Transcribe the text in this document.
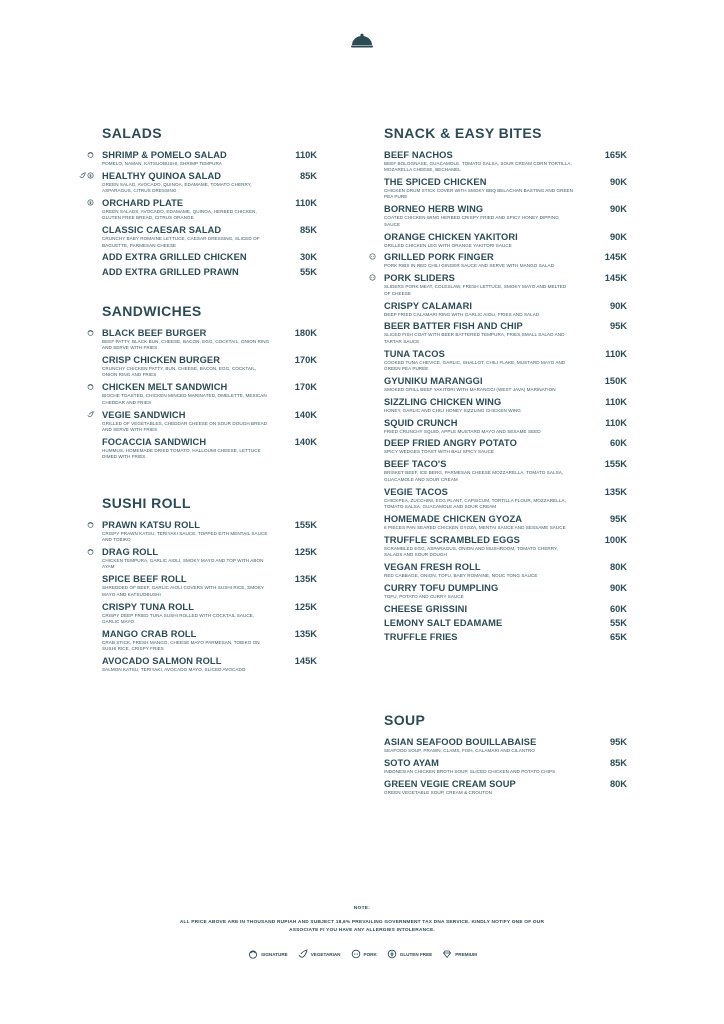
SALADS
SHRIMP & POMELO SALAD	110K
POMELO, NAMAN, KATSUOBUSHI, SHRIMP TEMPURA
HEALTHY QUINOA SALAD	85K
GREEN SALAD, AVOCADO, QUINOA, EDAMAME, TOMATO CHERRY, ASPARAGUS, CITRUS DRESSING
ORCHARD PLATE	110K
GREEN SALADS, AVOCADO, EDAMAME, QUINOA, HERBED CHICKEN, GLUTEN FREE BREAD, CITRUS ORANGE
CLASSIC CAESAR SALAD	85K
CRUNCHY BABY ROMAINE LETTUCE, CAESAR DRESSING, SLICED OF BAGUETTE, PARMESAN CHEESE
ADD EXTRA GRILLED CHICKEN	30K
ADD EXTRA GRILLED PRAWN	55K
SANDWICHES
BLACK BEEF BURGER	180K
BEEF PATTY, BLACK BUN, CHEESE, BACON, EGG, COCKTAIL, ONION RING AND SERVE WITH FRIES
CRISP CHICKEN BURGER	170K
CRUNCHY CHICKEN PATTY, BUN, CHEESE, BACON, EGG, COCKTAIL, ONION RING AND FRIES
CHICKEN MELT SANDWICH	170K
BIOCHE TOASTED, CHICKEN MINCED MARINATED, OMELETTE, MEXICAN CHEDDAR AND FRIES
VEGIE SANDWICH	140K
GRILLED OF VEGETABLES, CHEDDAR CHEESE ON SOUR DOUGH BREAD AND SERVE WITH FRIES
FOCACCIA SANDWICH	140K
HUMMUS, HOMEMADE DRIED TOMATO, HALLOUMI CHEESE, LETTUCE DIMED WITH FRIES
SUSHI ROLL
PRAWN KATSU ROLL	155K
CRISPY PRAWN KATSU, TERIYAKI SAUCE, TOPPED EITH MENTAIL SAUCE AND TOBIKO
DRAG ROLL	125K
CHICKEN TEMPURA, GARLIC AIOLI, SMOKY MAYO AND TOP WITH ABON AYAM
SPICE BEEF ROLL	135K
SHREDDED OF BEEF, GARLIC AIOLI COVERS WITH SUSHI RICE, SMOKY MAYO AND KATSUOBUSHI
CRISPY TUNA ROLL	125K
CRISPY DEEP FRIED TUNA SUSHI ROLLED WITH COCKTAIL SAUCE, GARLIC MAYO
MANGO CRAB ROLL	135K
CRAB STICK, FRESH MANGO, CHEESE MAYO PARMESAN, TOBIKO ON SUSHI RICE, CRISPY FRIES
AVOCADO SALMON ROLL	145K
SALMON KATSU, TERIYAKI, AVOCADO MAYO, SLICED AVOCADO
SNACK & EASY BITES
BEEF NACHOS	165K
BEEF BOLOGNASE, GUACAMOLE, TOMATO SALSA, SOUR CREAM CORN TORTILLA, MOZARELLA CHEESE, BECHAMEL
THE SPICED CHICKEN	90K
CHICKEN DRUM STICK COVER WITH SMOKY BBQ BELACHAN BASTING AND GREEN PEA PURE
BORNEO HERB WING	90K
COATED CHICKEN WING HERBED CRISPY FRIED AND SPICY HONEY DIPPING SAUCE
ORANGE CHICKEN YAKITORI	90K
GRILLED CHICKEN LEG WITH ORANGE YAKITORI SAUCE
GRILLED PORK FINGER	145K
PORK RIBS IN RED CHILI GINGER SAUCE AND SERVE WITH MANGO SALAD
PORK SLIDERS	145K
SLIDERS PORK MEAT, COLESLAW, FRESH LETTUCE, SMOKY MAYO AND MELTED OF CHEESE
CRISPY CALAMARI	90K
DEEP FRIED CALAMARI RING WITH GARLIC AIOLI, FRIES AND SALAD
BEER BATTER FISH AND CHIP	95K
SLICED FISH COAT WITH BEER BATTERED TEMPURA, FRIES,SMALL SALAD AND TARTAR SAUCE
TUNA TACOS	110K
COOKED TUNA CHEVICE, GARLIC, SHALLOT, CHILI FLAKE, MUSTARD MAYO AND GREEN PEA PUREE
GYUNIKU MARANGGI	150K
SMOKED GRILL BEEF YAKITORI WITH MARANGGI (WEST JAVA) MARINATION
SIZZLING CHICKEN WING	110K
HONEY, GARLIC AND CHILI HONEY SIZZLING CHICKEN WING
SQUID CRUNCH	110K
FRIED CRUNCHY SQUID, APPLE MUSTARD MAYO AND SESAME SEED
DEEP FRIED ANGRY POTATO	60K
SPICY WEDGES TOAST WITH BALI SPICY SAUCE
BEEF TACO'S	155K
BRISKET BEEF, ICE BERG, PARMESAN CHEESE MOZZARELLA, TOMATO SALSA, GUACAMOLE AND SOUR CREAM
VEGIE TACOS	135K
CHICKPEA, ZUCCHINI, EGG PLANT, CAPSICUM, TORTILLA FLOUR, MOZZARELLA, TOMATO SALSA, GUACAMOLE AND SOUR CREAM
HOMEMADE CHICKEN GYOZA	95K
6 PIECES PAN SEARED CHICKEN GYOZA, MENTAI SAUCE AND SESSAME SAUCE
TRUFFLE SCRAMBLED EGGS	100K
SCRAMBLED EGG, ASPARAGUS, ONION AND MUSHROOM, TOMATO CHERRY, SALADS AND SOUR DOUGH
VEGAN FRESH ROLL	80K
RED CABBAGE, ONION, TOFU, BABY ROMAINE, NOUC TONG SAUCE
CURRY TOFU DUMPLING	90K
TOFU, POTATO AND CURRY SAUCE
CHEESE GRISSINI	60K
LEMONY SALT EDAMAME	55K
TRUFFLE FRIES	65K
SOUP
ASIAN SEAFOOD BOUILLABAISE	95K
SEAFOOD SOUP, PRAWN, CLAMS, FISH, CALAMARI AND CILANTRO
SOTO AYAM	85K
INDONESIAN CHICKEN BROTH SOUP, SLICED CHICKEN AND POTATO CHIPS
GREEN VEGIE CREAM SOUP	80K
GREEN VEGETABLE SOUP, CREAM & CROUTON
NOTE:
ALL PRICE ABOVE ARE IN THOUSAND RUPIAH AND SUBJECT 18,6% PREVAILING GOVERNMENT TAX DNA SERVICE. KINDLY NOTIFY ONE OF OUR ASSOCIATE FI YOU HAVE ANY ALLERGIES INTOLERANCE.
SIGNATURE	VEGETARIAN	PORK	GLUTEN FREE	PREMIUM
